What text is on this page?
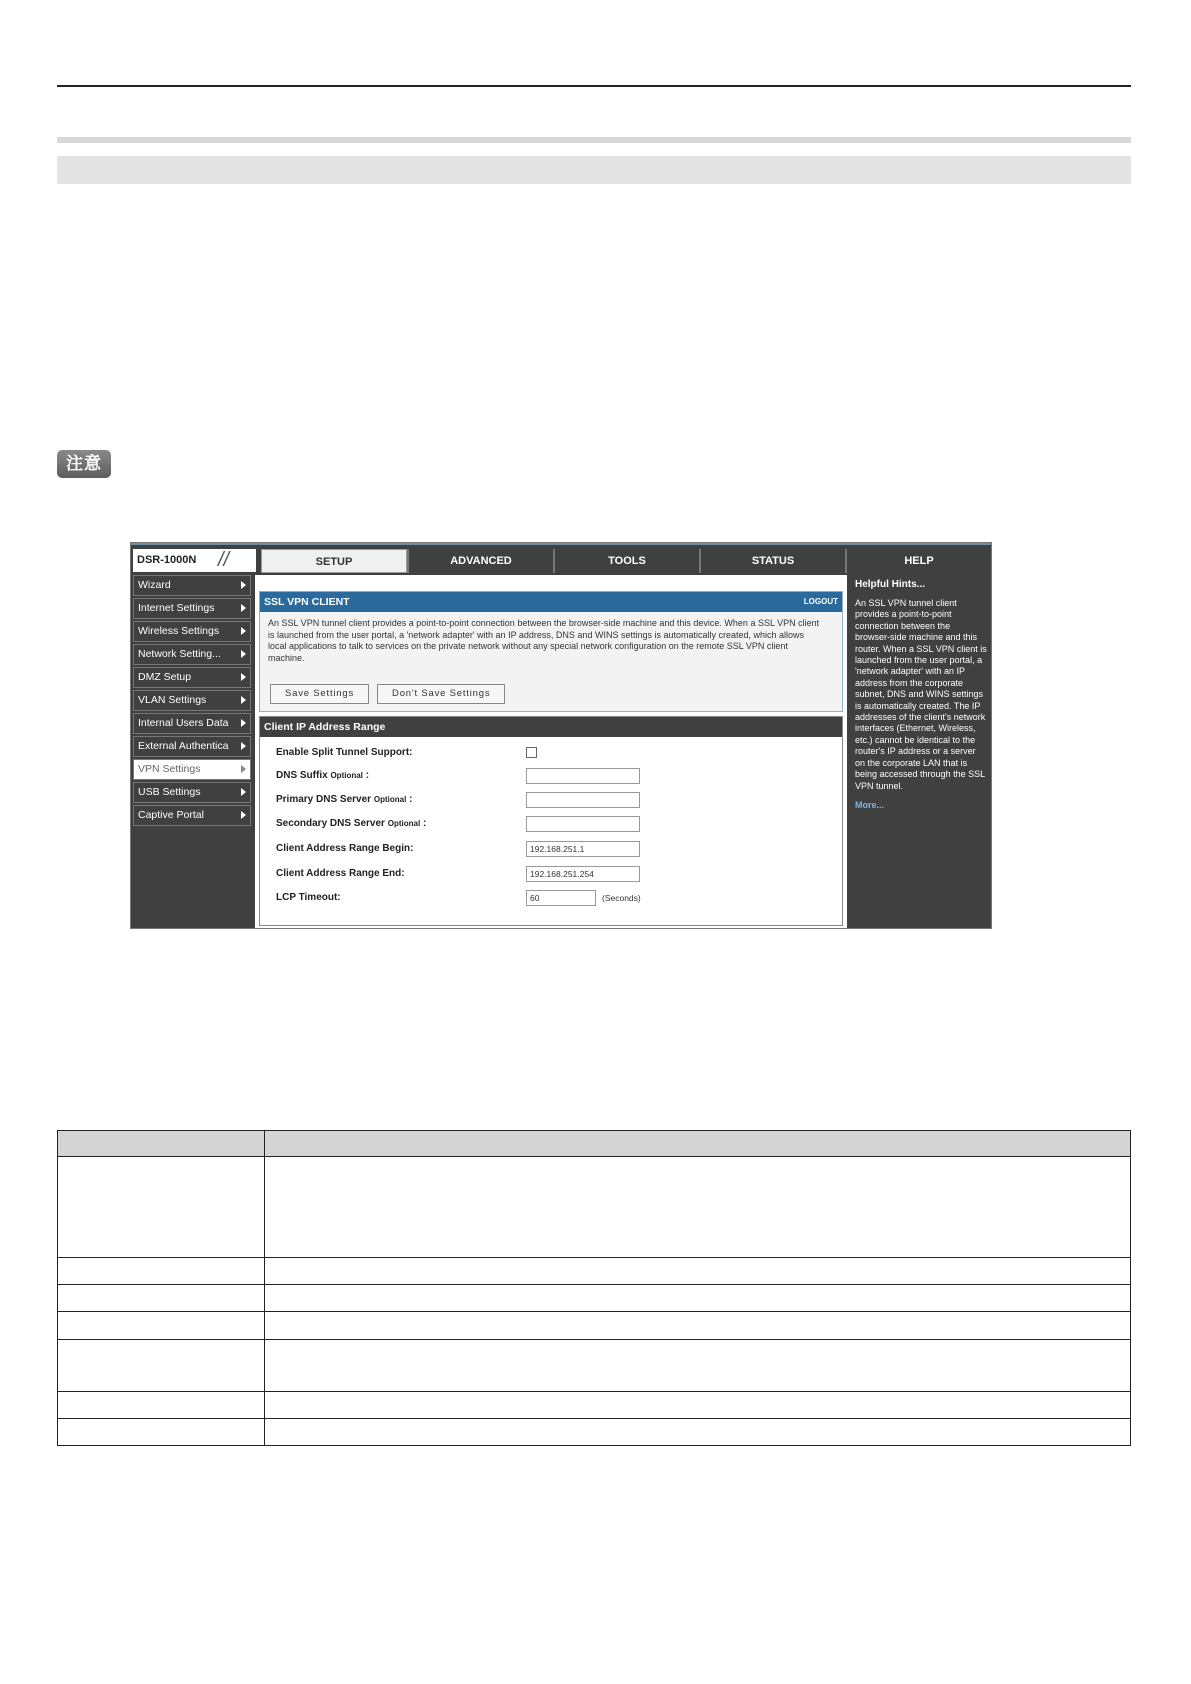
注意
DSR-1000N //	SETUP	ADVANCED	TOOLS	STATUS	HELP
Wizard
Internet Settings
Wireless Settings
Network Setting...
DMZ Setup
VLAN Settings
Internal Users Data
External Authentica
VPN Settings
USB Settings
Captive Portal
SSL VPN CLIENT	LOGOUT
An SSL VPN tunnel client provides a point-to-point connection between the browser-side machine and this device. When a SSL VPN client is launched from the user portal, a 'network adapter' with an IP address, DNS and WINS settings is automatically created, which allows local applications to talk to services on the private network without any special network configuration on the remote SSL VPN client machine.
Save Settings	Don't Save Settings
Client IP Address Range
Enable Split Tunnel Support:
DNS Suffix Optional :
Primary DNS Server Optional :
Secondary DNS Server Optional :
Client Address Range Begin:	192.168.251.1
Client Address Range End:	192.168.251.254
LCP Timeout:	60	(Seconds)
Helpful Hints...
An SSL VPN tunnel client provides a point-to-point connection between the browser-side machine and this router. When a SSL VPN client is launched from the user portal, a 'network adapter' with an IP address from the corporate subnet, DNS and WINS settings is automatically created. The IP addresses of the client's network interfaces (Ethernet, Wireless, etc.) cannot be identical to the router's IP address or a server on the corporate LAN that is being accessed through the SSL VPN tunnel.
More...
